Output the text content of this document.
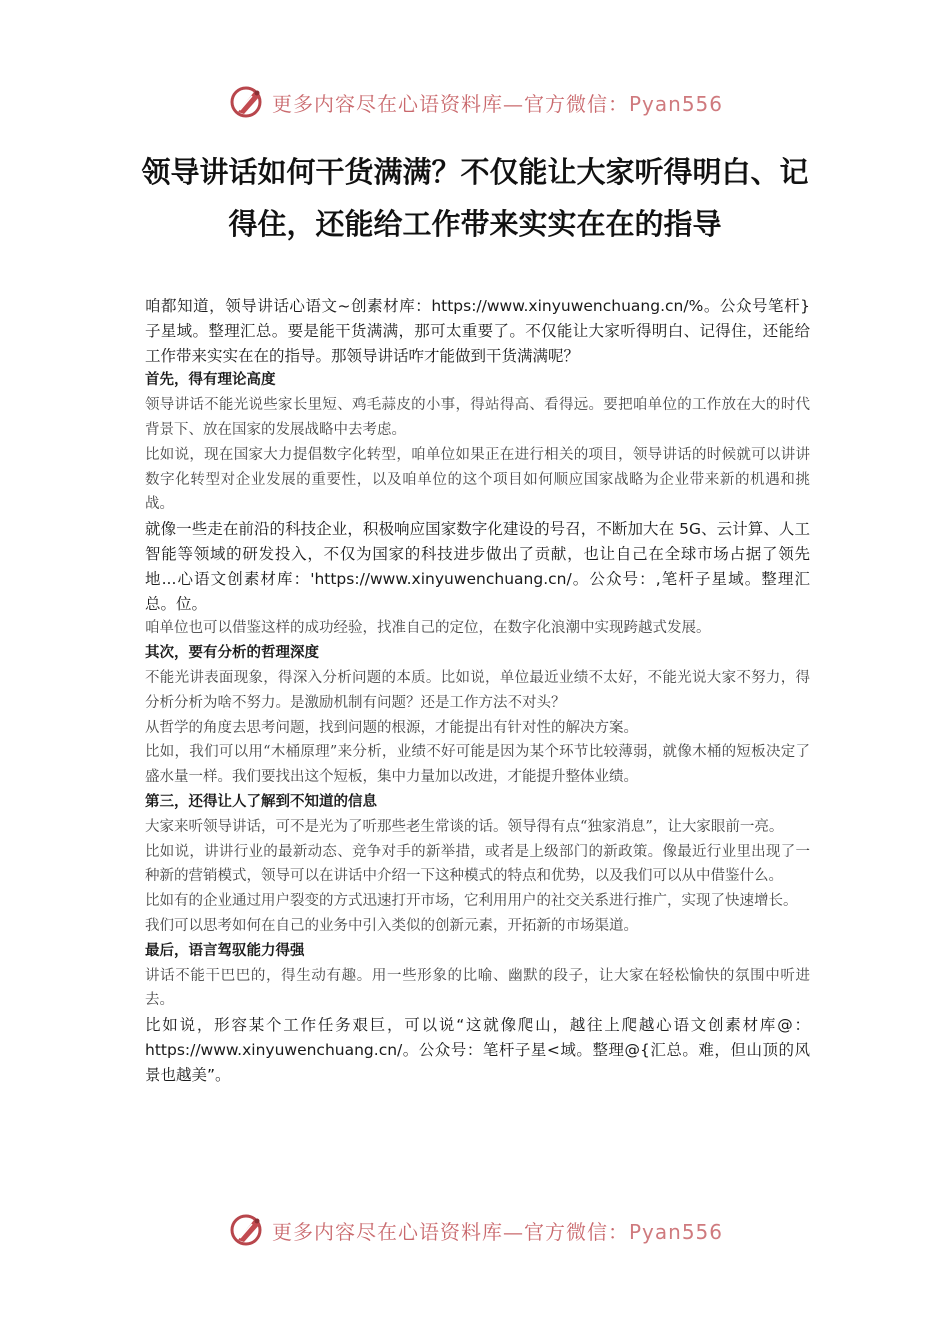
更多内容尽在心语资料库—官方微信：Pyan556
领导讲话如何干货满满？不仅能让大家听得明白、记得住，还能给工作带来实实在在的指导

咱都知道，领导讲话心语文~创素材库：https://www.xinyuwenchuang.cn/%。公众号笔杆}子星域。整理汇总。要是能干货满满，那可太重要了。不仅能让大家听得明白、记得住，还能给工作带来实实在在的指导。那领导讲话咋才能做到干货满满呢？

首先，得有理论高度

领导讲话不能光说些家长里短、鸡毛蒜皮的小事，得站得高、看得远。要把咱单位的工作放在大的时代背景下、放在国家的发展战略中去考虑。

比如说，现在国家大力提倡数字化转型，咱单位如果正在进行相关的项目，领导讲话的时候就可以讲讲数字化转型对企业发展的重要性，以及咱单位的这个项目如何顺应国家战略为企业带来新的机遇和挑战。

就像一些走在前沿的科技企业，积极响应国家数字化建设的号召，不断加大在 5G、云计算、人工智能等领域的研发投入，不仅为国家的科技进步做出了贡献，也让自己在全球市场占据了领先地...心语文创素材库：'https://www.xinyuwenchuang.cn/。公众号：,笔杆子星域。整理汇总。位。

咱单位也可以借鉴这样的成功经验，找准自己的定位，在数字化浪潮中实现跨越式发展。

其次，要有分析的哲理深度

不能光讲表面现象，得深入分析问题的本质。比如说，单位最近业绩不太好，不能光说大家不努力，得分析分析为啥不努力。是激励机制有问题？还是工作方法不对头？

从哲学的角度去思考问题，找到问题的根源，才能提出有针对性的解决方案。

比如，我们可以用“木桶原理”来分析，业绩不好可能是因为某个环节比较薄弱，就像木桶的短板决定了盛水量一样。我们要找出这个短板，集中力量加以改进，才能提升整体业绩。

第三，还得让人了解到不知道的信息

大家来听领导讲话，可不是光为了听那些老生常谈的话。领导得有点“独家消息”，让大家眼前一亮。

比如说，讲讲行业的最新动态、竞争对手的新举措，或者是上级部门的新政策。像最近行业里出现了一种新的营销模式，领导可以在讲话中介绍一下这种模式的特点和优势，以及我们可以从中借鉴什么。

比如有的企业通过用户裂变的方式迅速打开市场，它利用用户的社交关系进行推广，实现了快速增长。

我们可以思考如何在自己的业务中引入类似的创新元素，开拓新的市场渠道。

最后，语言驾驭能力得强

讲话不能干巴巴的，得生动有趣。用一些形象的比喻、幽默的段子，让大家在轻松愉快的氛围中听进去。

比如说，形容某个工作任务艰巨，可以说“这就像爬山，越往上爬越心语文创素材库@：https://www.xinyuwenchuang.cn/。公众号：笔杆子星<域。整理@{汇总。难，但山顶的风景也越美”。

更多内容尽在心语资料库—官方微信：Pyan556
